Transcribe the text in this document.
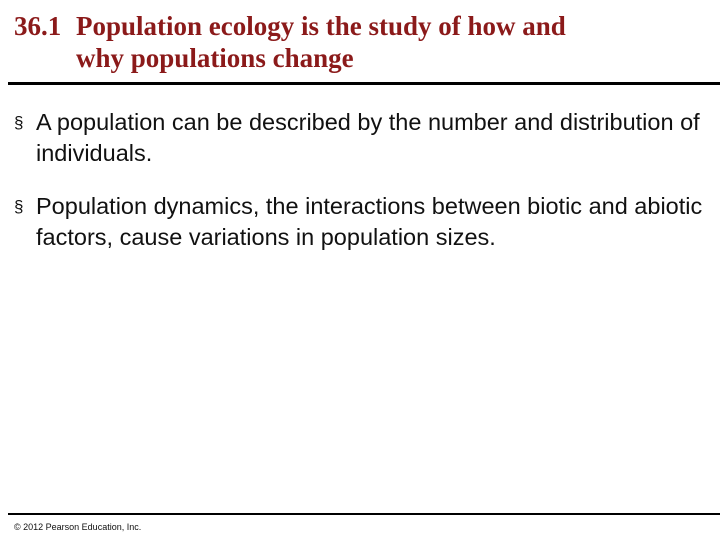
36.1 Population ecology is the study of how and
why populations change
§ A population can be described by the number and distribution of individuals.
§ Population dynamics, the interactions between biotic and abiotic factors, cause variations in population sizes.
© 2012 Pearson Education, Inc.
